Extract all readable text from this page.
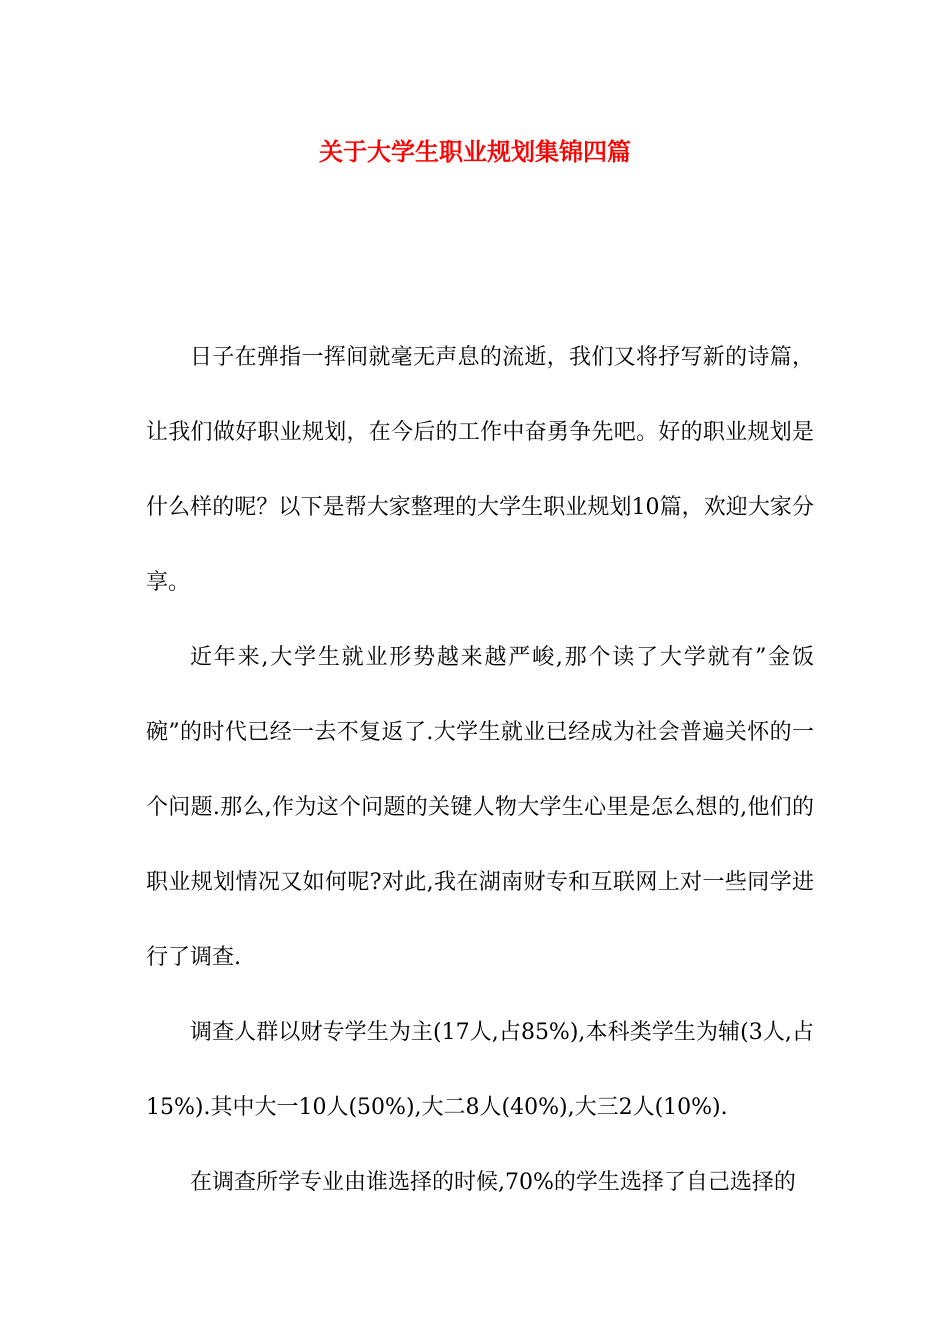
关于大学生职业规划集锦四篇

日子在弹指一挥间就毫无声息的流逝，我们又将抒写新的诗篇，让我们做好职业规划，在今后的工作中奋勇争先吧。好的职业规划是什么样的呢？以下是帮大家整理的大学生职业规划10篇，欢迎大家分享。

近年来,大学生就业形势越来越严峻,那个读了大学就有”金饭碗”的时代已经一去不复返了.大学生就业已经成为社会普遍关怀的一个问题.那么,作为这个问题的关键人物大学生心里是怎么想的,他们的职业规划情况又如何呢?对此,我在湖南财专和互联网上对一些同学进行了调查.

调查人群以财专学生为主(17人,占85%),本科类学生为辅(3人,占15%).其中大一10人(50%),大二8人(40%),大三2人(10%).

在调查所学专业由谁选择的时候,70%的学生选择了自己选择的
